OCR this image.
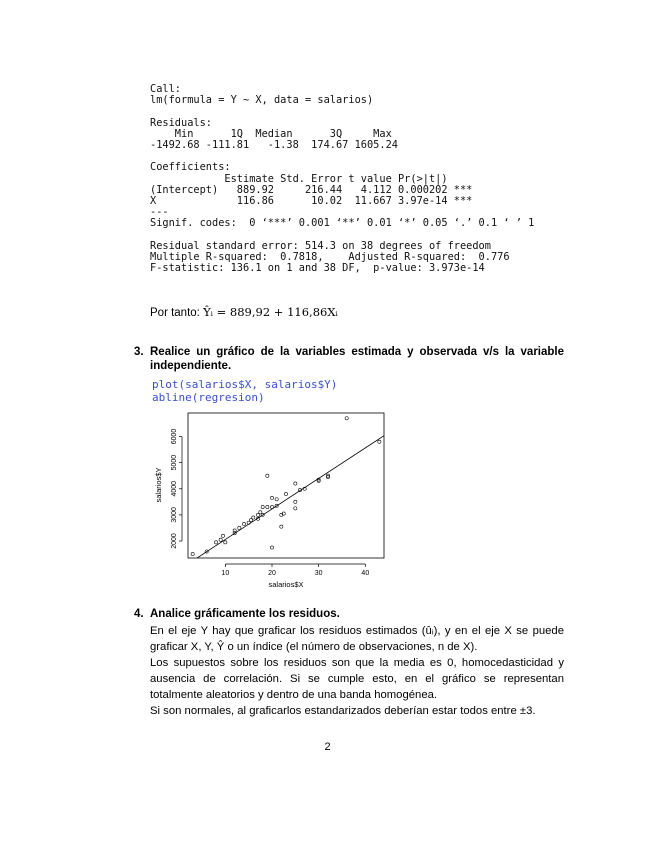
Call:
lm(formula = Y ~ X, data = salarios)

Residuals:
Min      1Q  Median      3Q     Max
-1492.68 -111.81   -1.38  174.67 1605.24

Coefficients:
Estimate Std. Error t value Pr(>|t|)
(Intercept)   889.92     216.44   4.112 0.000202 ***
X             116.86      10.02  11.667 3.97e-14 ***
---
Signif. codes:  0 ‘***’ 0.001 ‘**’ 0.01 ‘*’ 0.05 ‘.’ 0.1 ‘ ’ 1

Residual standard error: 514.3 on 38 degrees of freedom
Multiple R-squared:  0.7818,    Adjusted R-squared:  0.776
F-statistic: 136.1 on 1 and 38 DF,  p-value: 3.973e-14
Por tanto: Ŷᵢ = 889,92 + 116,86Xᵢ
3. Realice un gráfico de la variables estimada y observada v/s la variable independiente.
plot(salarios$X, salarios$Y)
abline(regresion)
10	20	30	40
2000
3000
4000
5000
6000
salarios$X
salarios$Y
4. Analice gráficamente los residuos.

En el eje Y hay que graficar los residuos estimados (ûᵢ), y en el eje X se puede graficar X, Y, Ŷ o un índice (el número de observaciones, n de X).

Los supuestos sobre los residuos son que la media es 0, homocedasticidad y ausencia de correlación. Si se cumple esto, en el gráfico se representan totalmente aleatorios y dentro de una banda homogénea.

Si son normales, al graficarlos estandarizados deberían estar todos entre ±3.

2
